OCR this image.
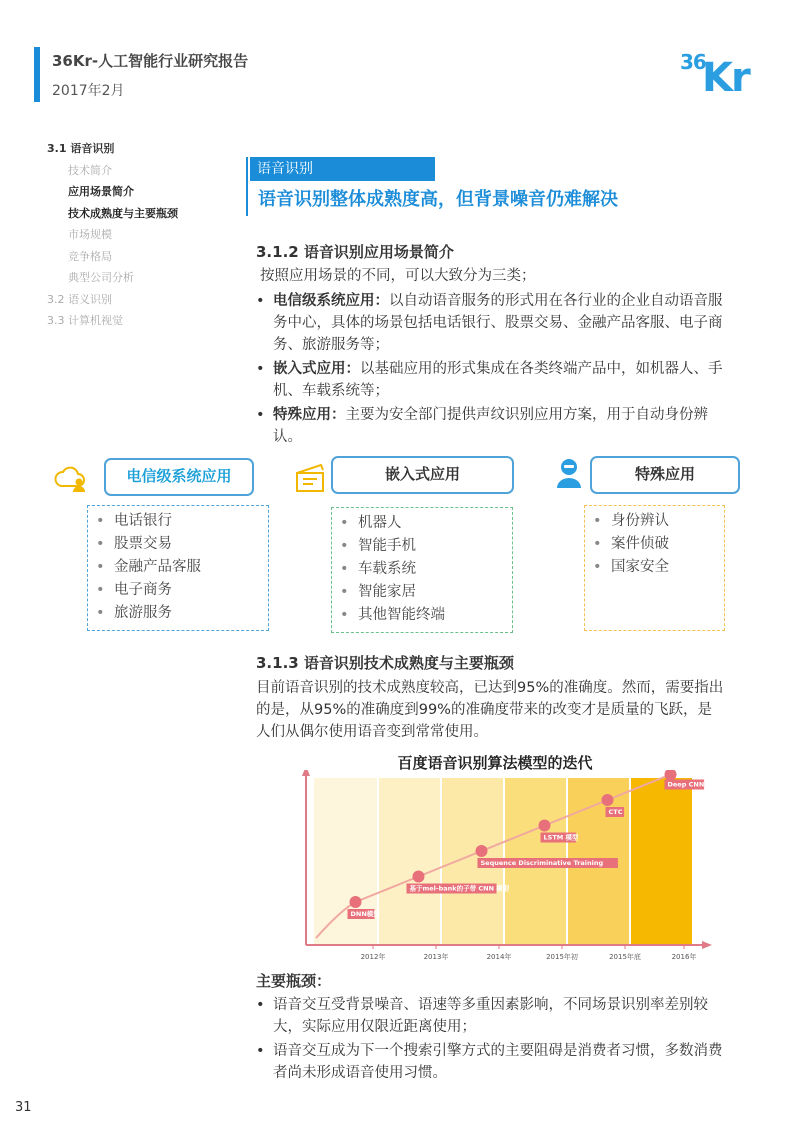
36Kr-人工智能行业研究报告
2017年2月
36
Kr
3.1 语音识别
技术简介
应用场景简介
技术成熟度与主要瓶颈
市场规模
竞争格局
典型公司分析
3.2 语义识别
3.3 计算机视觉
语音识别
语音识别整体成熟度高，但背景噪音仍难解决
3.1.2 语音识别应用场景简介
按照应用场景的不同，可以大致分为三类；
• 电信级系统应用：以自动语音服务的形式用在各行业的企业自动语音服务中心，具体的场景包括电话银行、股票交易、金融产品客服、电子商务、旅游服务等；
• 嵌入式应用：以基础应用的形式集成在各类终端产品中，如机器人、手机、车载系统等；
• 特殊应用：主要为安全部门提供声纹识别应用方案，用于自动身份辨认。
电信级系统应用
• 电话银行
• 股票交易
• 金融产品客服
• 电子商务
• 旅游服务
嵌入式应用
• 机器人
• 智能手机
• 车载系统
• 智能家居
• 其他智能终端
特殊应用
• 身份辨认
• 案件侦破
• 国家安全
3.1.3 语音识别技术成熟度与主要瓶颈
目前语音识别的技术成熟度较高，已达到95%的准确度。然而，需要指出的是，从95%的准确度到99%的准确度带来的改变才是质量的飞跃，是人们从偶尔使用语音变到常常使用。
百度语音识别算法模型的迭代
DNN模型
基于mel-bank的子带 CNN 模型
Sequence Discriminative Training
LSTM 模型
CTC
Deep CNN
2012年	2013年	2014年	2015年初	2015年底	2016年
主要瓶颈：
• 语音交互受背景噪音、语速等多重因素影响，不同场景识别率差别较大，实际应用仅限近距离使用；
• 语音交互成为下一个搜索引擎方式的主要阻碍是消费者习惯，多数消费者尚未形成语音使用习惯。
31
